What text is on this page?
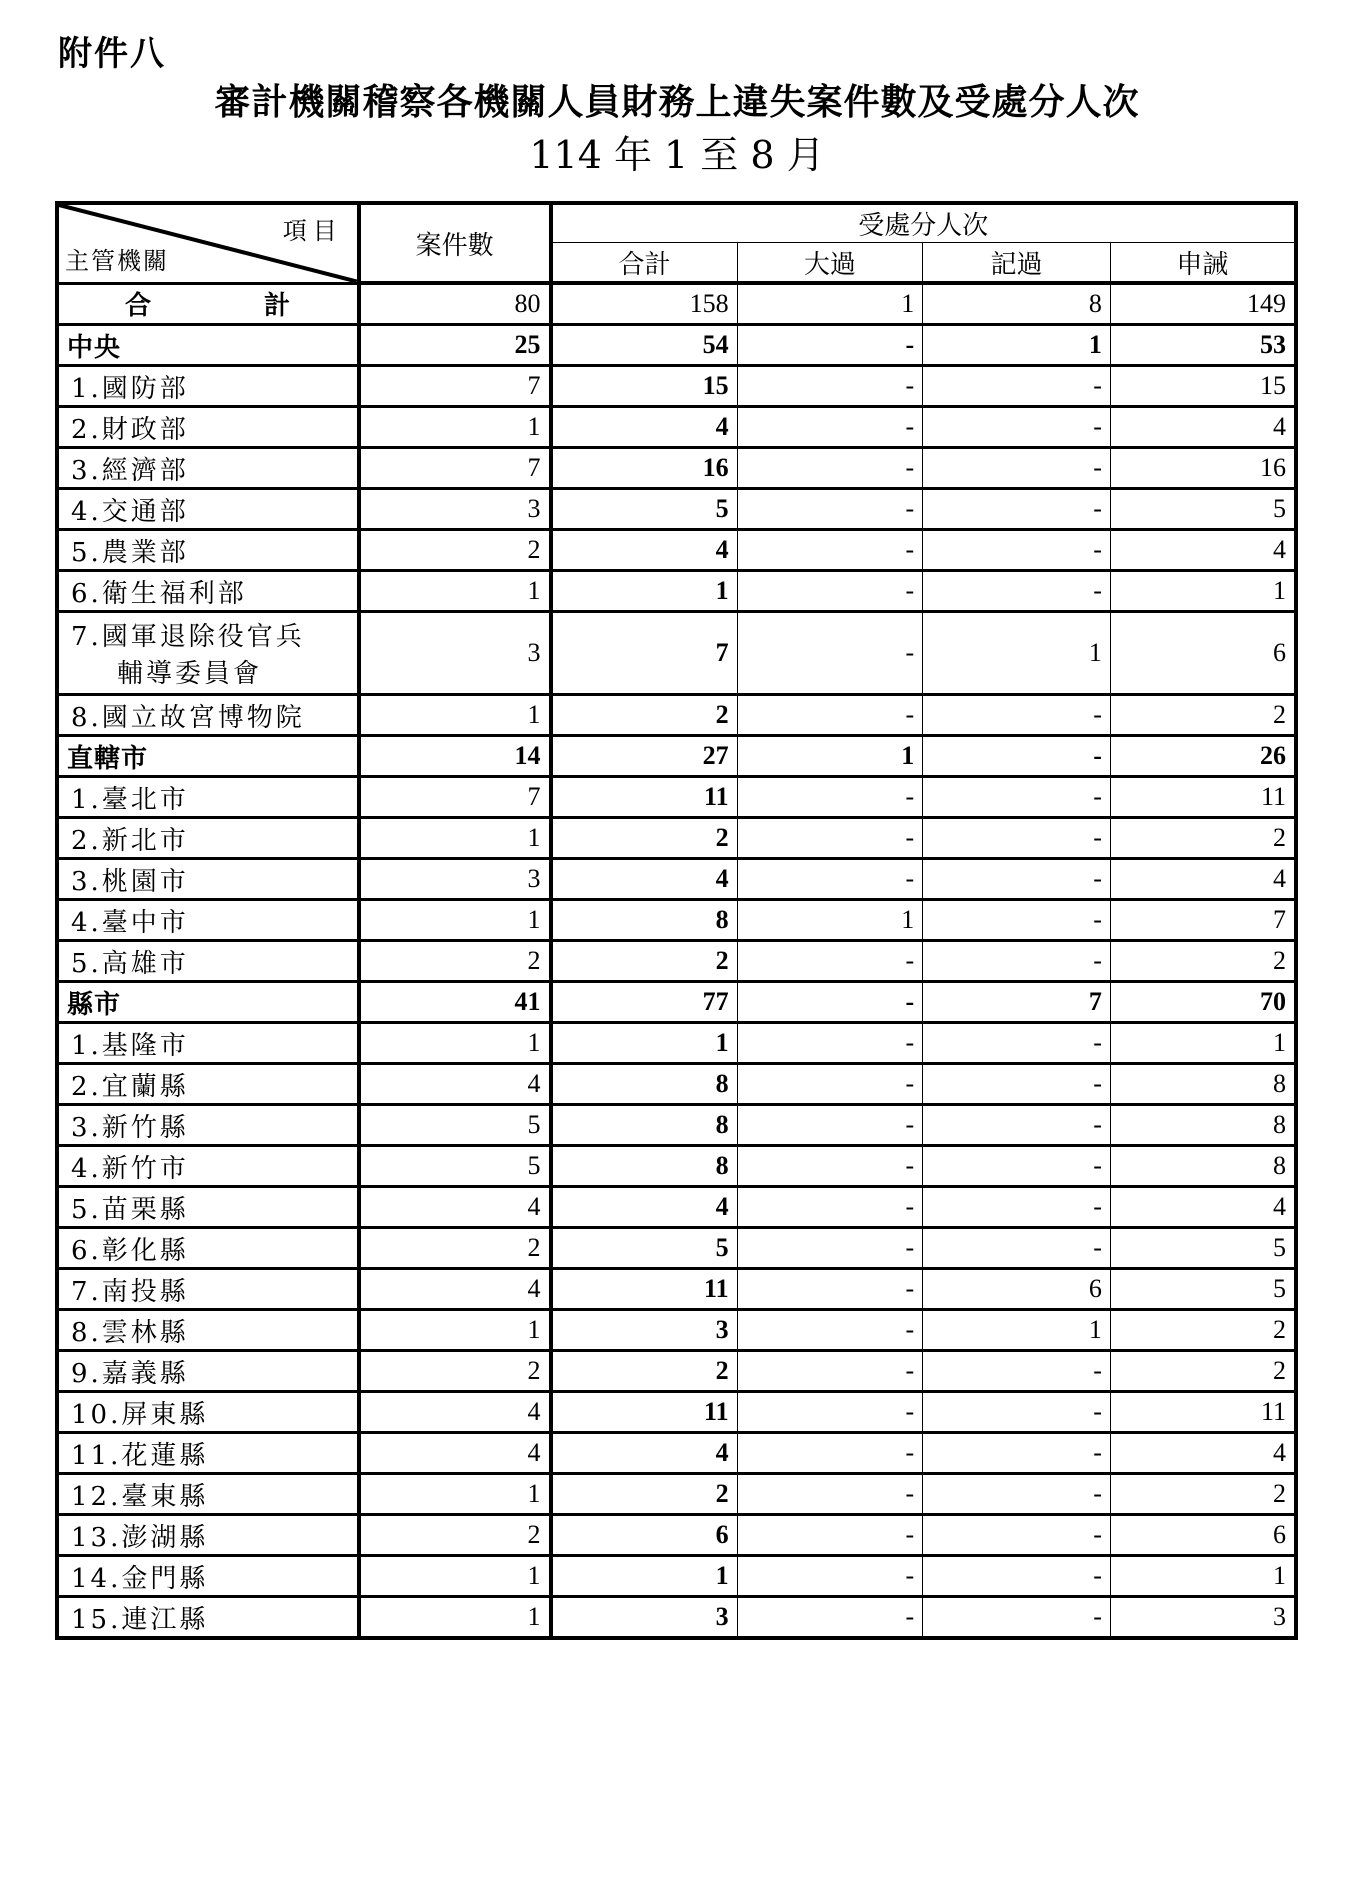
附件八
審計機關稽察各機關人員財務上違失案件數及受處分人次
114 年 1 至 8 月
項目
主管機關	案件數	受處分人次			
		合計	大過	記過	申誡
合 計	80	158	1	8	149
中央	25	54	-	1	53
1.國防部	7	15	-	-	15
2.財政部	1	4	-	-	4
3.經濟部	7	16	-	-	16
4.交通部	3	5	-	-	5
5.農業部	2	4	-	-	4
6.衛生福利部	1	1	-	-	1

7.國軍退除役官兵
輔導委員會	3	7	-	1	6
8.國立故宮博物院	1	2	-	-	2
直轄市	14	27	1	-	26
1.臺北市	7	11	-	-	11
2.新北市	1	2	-	-	2
3.桃園市	3	4	-	-	4
4.臺中市	1	8	1	-	7
5.高雄市	2	2	-	-	2
縣市	41	77	-	7	70
1.基隆市	1	1	-	-	1
2.宜蘭縣	4	8	-	-	8
3.新竹縣	5	8	-	-	8
4.新竹市	5	8	-	-	8
5.苗栗縣	4	4	-	-	4
6.彰化縣	2	5	-	-	5
7.南投縣	4	11	-	6	5
8.雲林縣	1	3	-	1	2
9.嘉義縣	2	2	-	-	2
10.屏東縣	4	11	-	-	11
11.花蓮縣	4	4	-	-	4
12.臺東縣	1	2	-	-	2
13.澎湖縣	2	6	-	-	6
14.金門縣	1	1	-	-	1
15.連江縣	1	3	-	-	3
